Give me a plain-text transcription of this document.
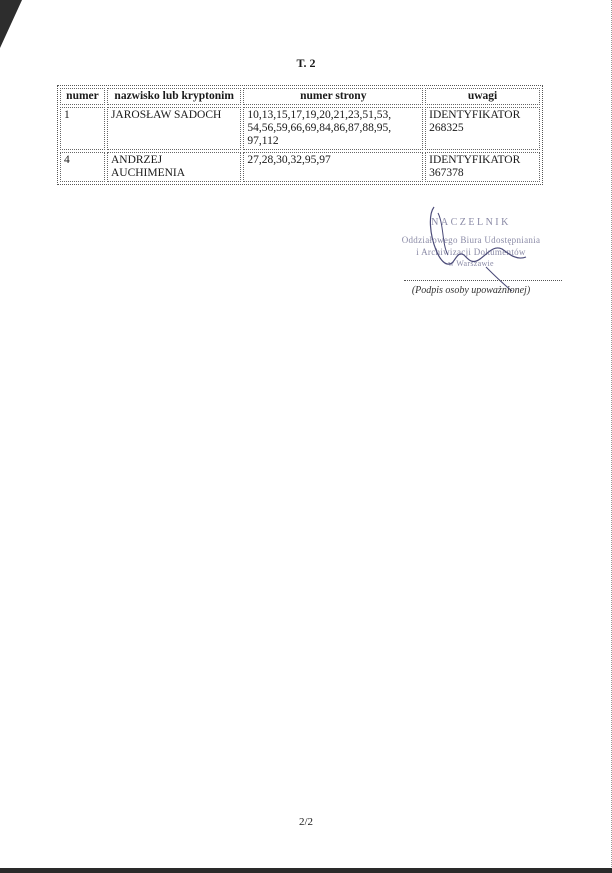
T. 2
numer	nazwisko lub kryptonim	numer strony	uwagi
1	JAROSŁAW SADOCH	10,13,15,17,19,20,21,23,51,53,
54,56,59,66,69,84,86,87,88,95,
97,112	IDENTYFIKATOR
268325
4	ANDRZEJ
AUCHIMENIA	27,28,30,32,95,97	IDENTYFIKATOR
367378
NACZELNIK
Oddziałowego Biura Udostępniania
i Archiwizacji Dokumentów
w Warszawie
(Podpis osoby upoważnionej)
2/2
